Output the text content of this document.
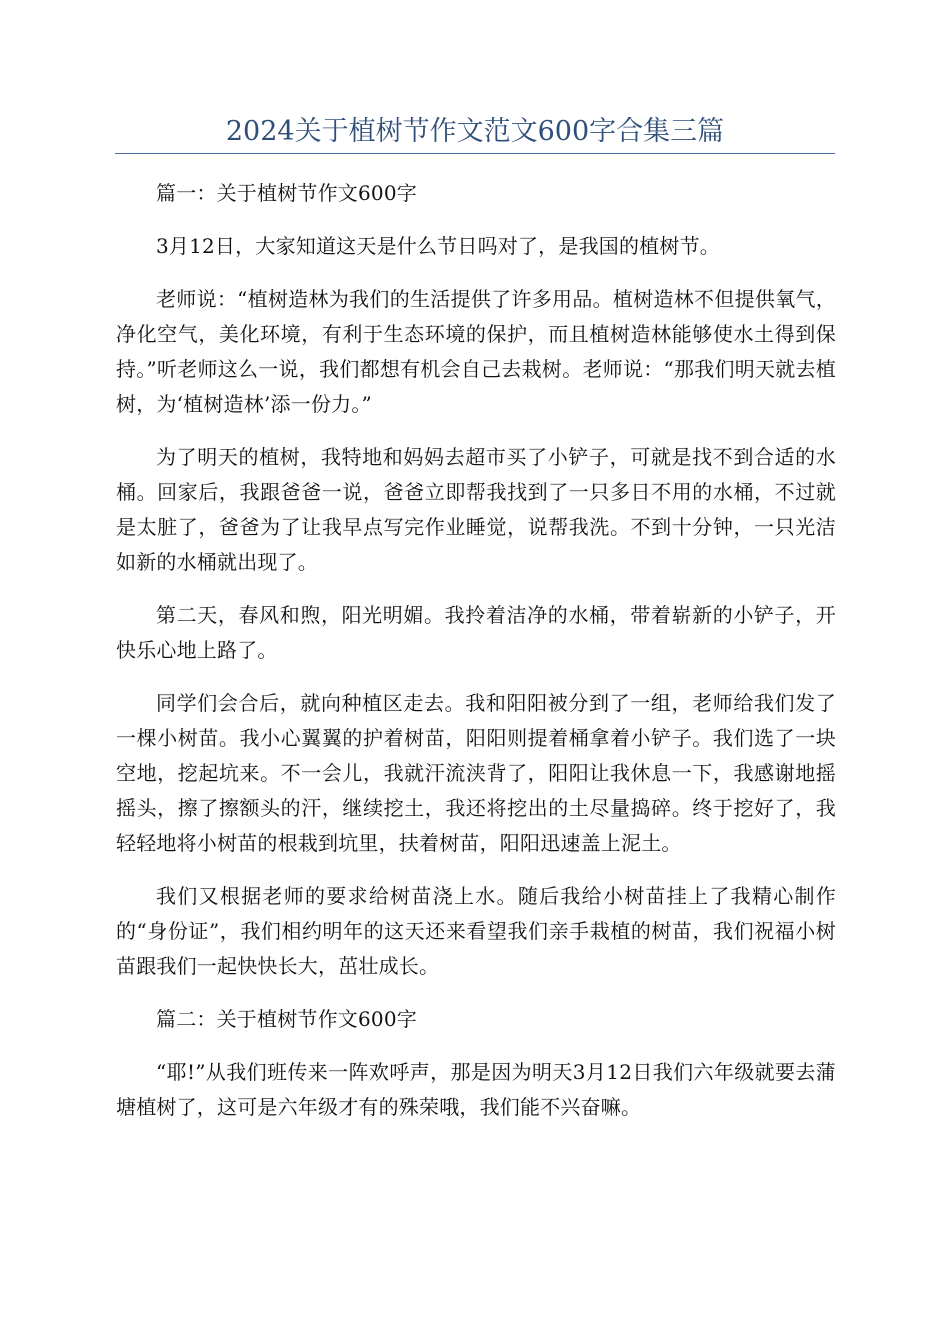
2024关于植树节作文范文600字合集三篇

篇一：关于植树节作文600字

3月12日，大家知道这天是什么节日吗对了，是我国的植树节。

老师说：“植树造林为我们的生活提供了许多用品。植树造林不但提供氧气，净化空气，美化环境，有利于生态环境的保护，而且植树造林能够使水土得到保持。”听老师这么一说，我们都想有机会自己去栽树。老师说：“那我们明天就去植树，为‘植树造林’添一份力。”

为了明天的植树，我特地和妈妈去超市买了小铲子，可就是找不到合适的水桶。回家后，我跟爸爸一说，爸爸立即帮我找到了一只多日不用的水桶，不过就是太脏了，爸爸为了让我早点写完作业睡觉，说帮我洗。不到十分钟，一只光洁如新的水桶就出现了。

第二天，春风和煦，阳光明媚。我拎着洁净的水桶，带着崭新的小铲子，开快乐心地上路了。

同学们会合后，就向种植区走去。我和阳阳被分到了一组，老师给我们发了一棵小树苗。我小心翼翼的护着树苗，阳阳则提着桶拿着小铲子。我们选了一块空地，挖起坑来。不一会儿，我就汗流浃背了，阳阳让我休息一下，我感谢地摇摇头，擦了擦额头的汗，继续挖土，我还将挖出的土尽量捣碎。终于挖好了，我轻轻地将小树苗的根栽到坑里，扶着树苗，阳阳迅速盖上泥土。

我们又根据老师的要求给树苗浇上水。随后我给小树苗挂上了我精心制作的“身份证”，我们相约明年的这天还来看望我们亲手栽植的树苗，我们祝福小树苗跟我们一起快快长大，茁壮成长。

篇二：关于植树节作文600字

“耶!”从我们班传来一阵欢呼声，那是因为明天3月12日我们六年级就要去蒲塘植树了，这可是六年级才有的殊荣哦，我们能不兴奋嘛。
